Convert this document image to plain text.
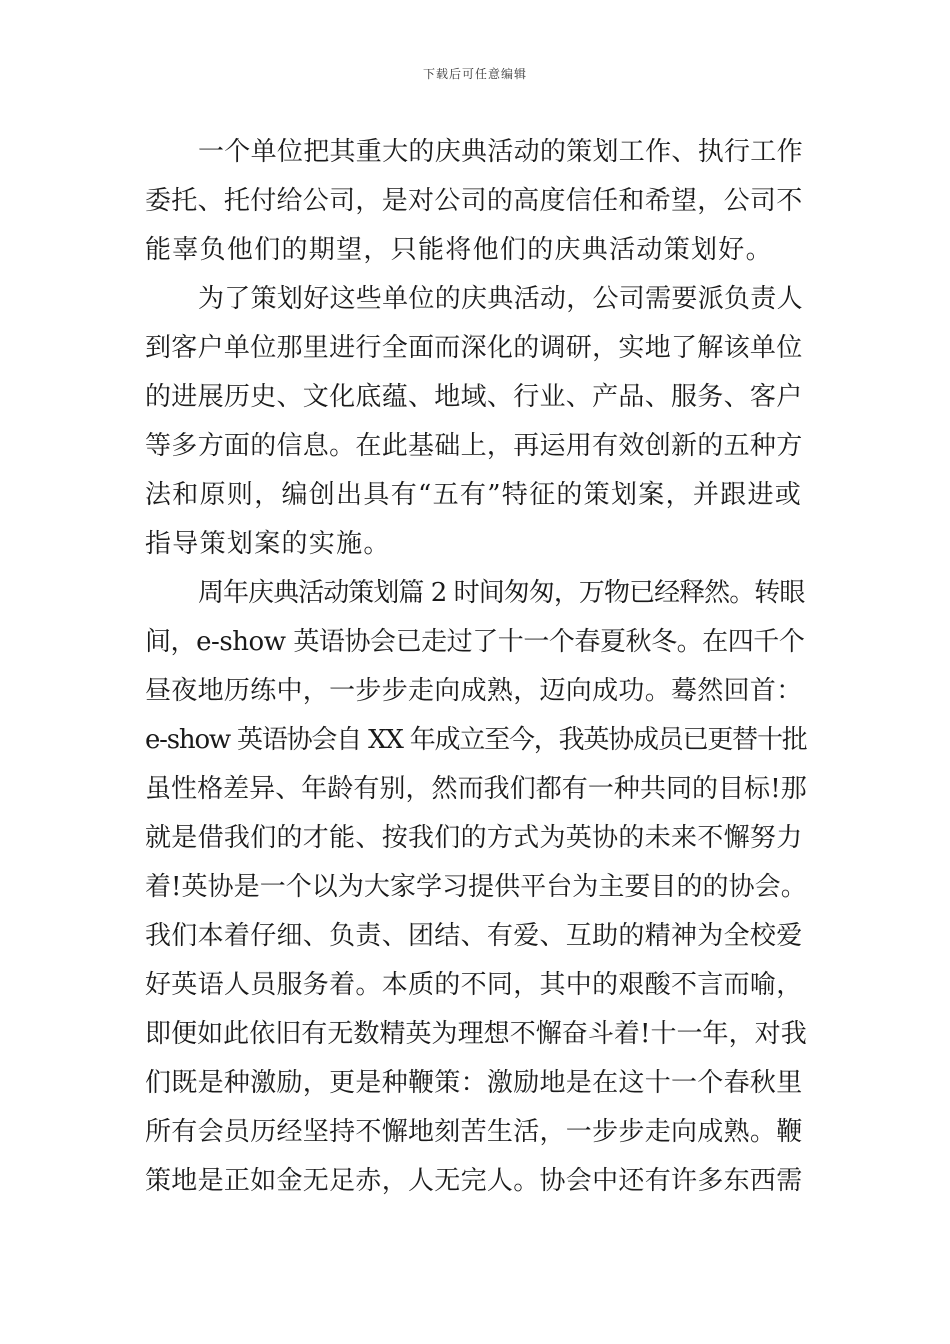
下载后可任意编辑
一个单位把其重大的庆典活动的策划工作、执行工作
委托、托付给公司，是对公司的高度信任和希望，公司不
能辜负他们的期望，只能将他们的庆典活动策划好。
为了策划好这些单位的庆典活动，公司需要派负责人
到客户单位那里进行全面而深化的调研，实地了解该单位
的进展历史、文化底蕴、地域、行业、产品、服务、客户
等多方面的信息。在此基础上，再运用有效创新的五种方
法和原则，编创出具有“五有”特征的策划案，并跟进或
指导策划案的实施。
周年庆典活动策划篇 2 时间匆匆，万物已经释然。转眼
间，e-show 英语协会已走过了十一个春夏秋冬。在四千个
昼夜地历练中，一步步走向成熟，迈向成功。蓦然回首：
e-show 英语协会自 XX 年成立至今，我英协成员已更替十批
虽性格差异、年龄有别，然而我们都有一种共同的目标!那
就是借我们的才能、按我们的方式为英协的未来不懈努力
着!英协是一个以为大家学习提供平台为主要目的的协会。
我们本着仔细、负责、团结、有爱、互助的精神为全校爱
好英语人员服务着。本质的不同，其中的艰酸不言而喻，
即便如此依旧有无数精英为理想不懈奋斗着!十一年，对我
们既是种激励，更是种鞭策：激励地是在这十一个春秋里
所有会员历经坚持不懈地刻苦生活，一步步走向成熟。鞭
策地是正如金无足赤，人无完人。协会中还有许多东西需
